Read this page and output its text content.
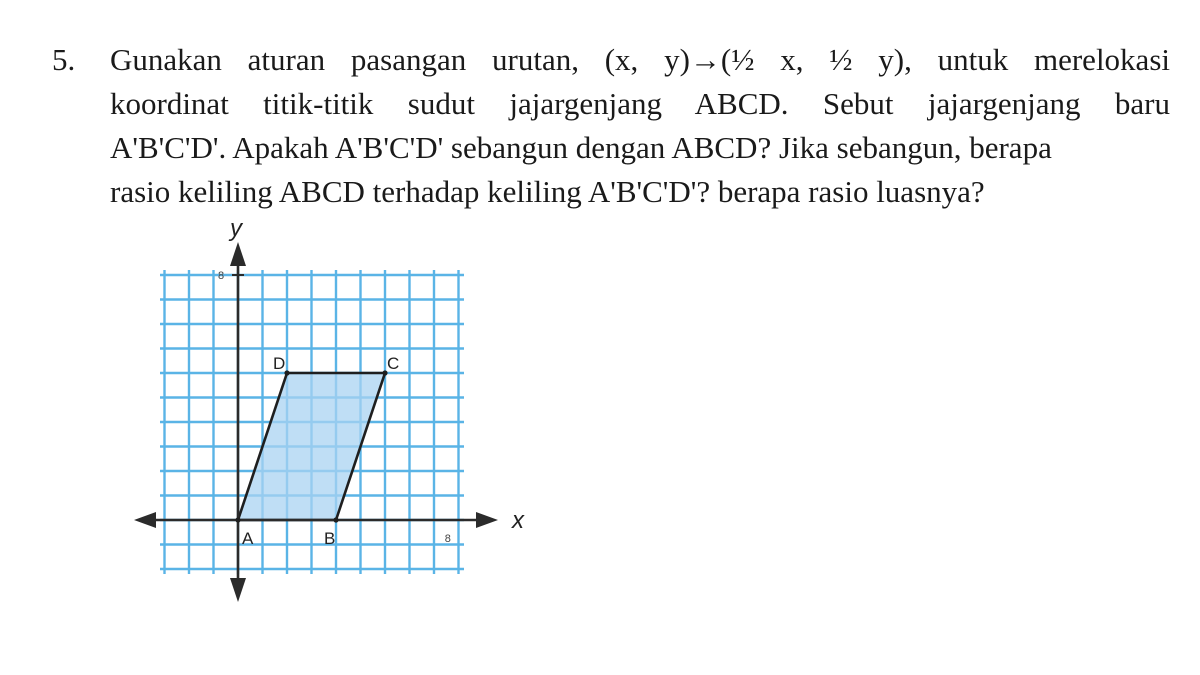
5. Gunakan aturan pasangan urutan, (x, y)→(½ x, ½ y), untuk merelokasi
koordinat titik-titik sudut jajargenjang ABCD. Sebut jajargenjang baru
A'B'C'D'. Apakah A'B'C'D' sebangun dengan ABCD? Jika sebangun, berapa
rasio keliling ABCD terhadap keliling A'B'C'D'? berapa rasio luasnya?
y
x
8
8
A	B
C
D
